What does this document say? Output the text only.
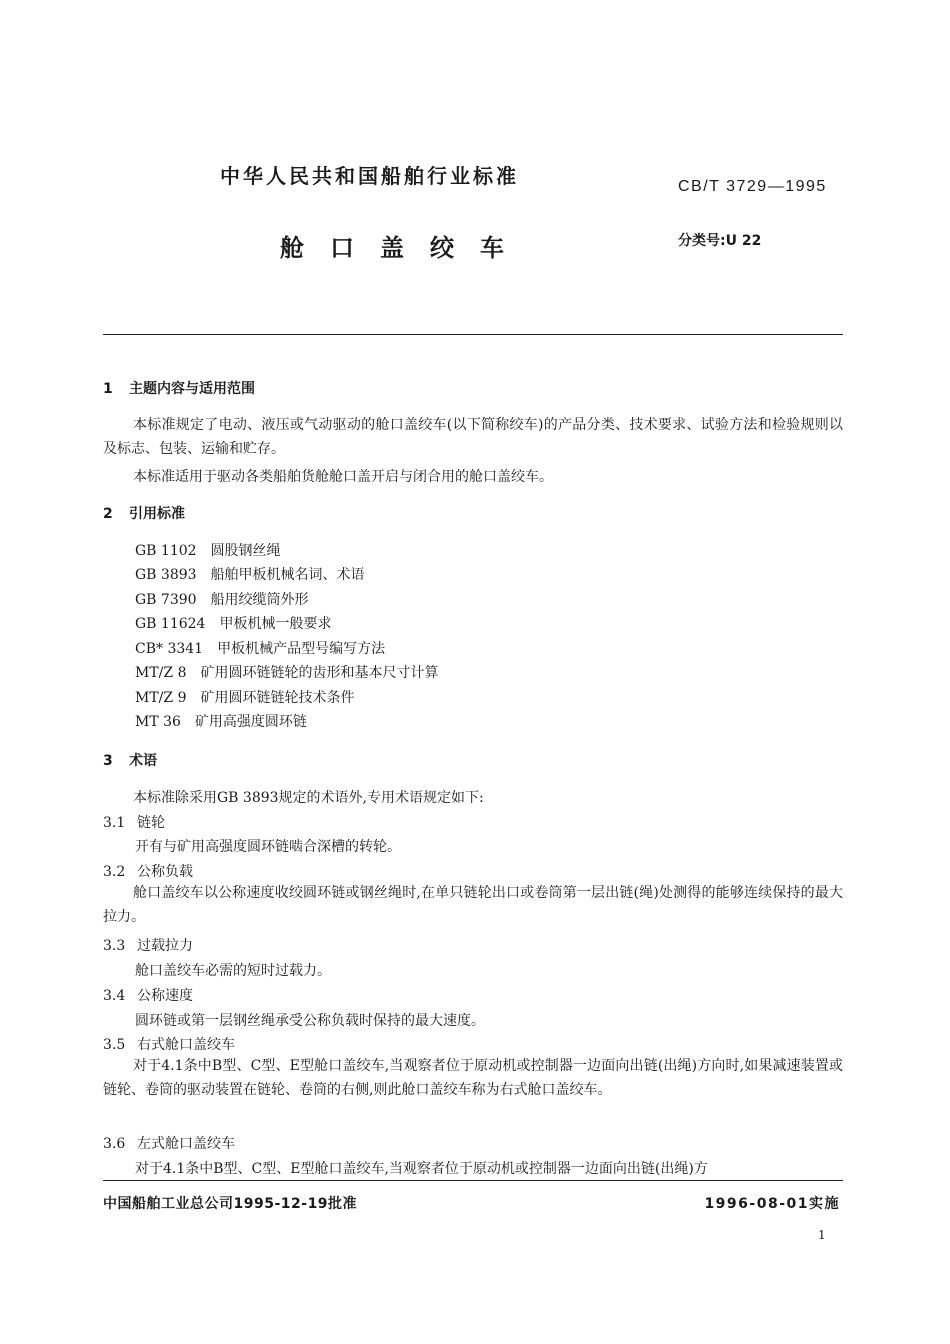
中华人民共和国船舶行业标准	CB/T 3729—1995
舱口盖绞车	分类号:U 22
1 主题内容与适用范围
本标准规定了电动、液压或气动驱动的舱口盖绞车(以下简称绞车)的产品分类、技术要求、试验方法和检验规则以及标志、包装、运输和贮存。
本标准适用于驱动各类船舶货舱舱口盖开启与闭合用的舱口盖绞车。
2 引用标准
GB 1102 圆股钢丝绳
GB 3893 船舶甲板机械名词、术语
GB 7390 船用绞缆筒外形
GB 11624 甲板机械一般要求
CB* 3341 甲板机械产品型号编写方法
MT/Z 8 矿用圆环链链轮的齿形和基本尺寸计算
MT/Z 9 矿用圆环链链轮技术条件
MT 36 矿用高强度圆环链
3 术语
本标准除采用GB 3893规定的术语外,专用术语规定如下:
3.1 链轮
开有与矿用高强度圆环链啮合深槽的转轮。
3.2 公称负载
舱口盖绞车以公称速度收绞圆环链或钢丝绳时,在单只链轮出口或卷筒第一层出链(绳)处测得的能够连续保持的最大拉力。
3.3 过载拉力
舱口盖绞车必需的短时过载力。
3.4 公称速度
圆环链或第一层钢丝绳承受公称负载时保持的最大速度。
3.5 右式舱口盖绞车
对于4.1条中B型、C型、E型舱口盖绞车,当观察者位于原动机或控制器一边面向出链(出绳)方向时,如果减速装置或链轮、卷筒的驱动装置在链轮、卷筒的右侧,则此舱口盖绞车称为右式舱口盖绞车。
3.6 左式舱口盖绞车
对于4.1条中B型、C型、E型舱口盖绞车,当观察者位于原动机或控制器一边面向出链(出绳)方
中国船舶工业总公司1995-12-19批准	1996-08-01实施
1
